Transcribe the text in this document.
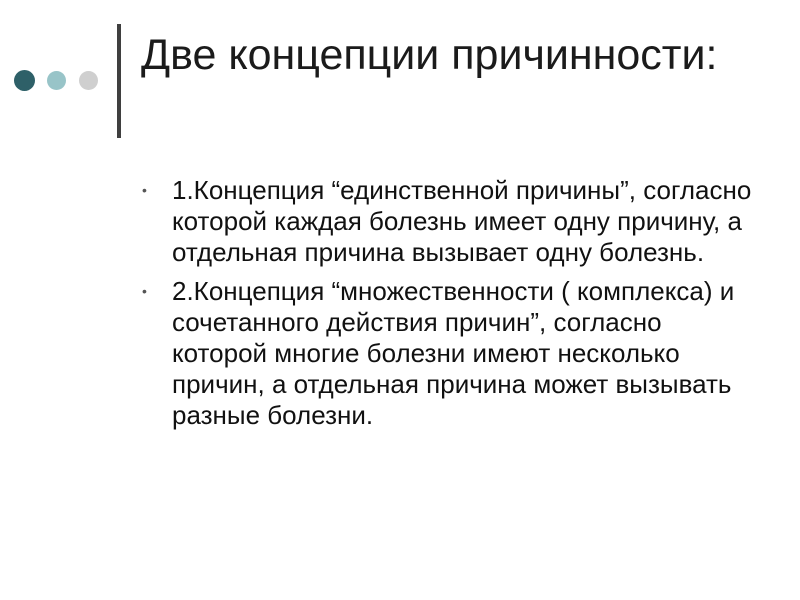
Две концепции причинности:
• 1.Концепция “единственной причины”, согласно которой каждая болезнь имеет одну причину, а отдельная причина вызывает одну болезнь.
• 2.Концепция “множественности ( комплекса) и сочетанного действия причин”, согласно которой многие болезни имеют несколько причин, а отдельная причина может вызывать разные болезни.
